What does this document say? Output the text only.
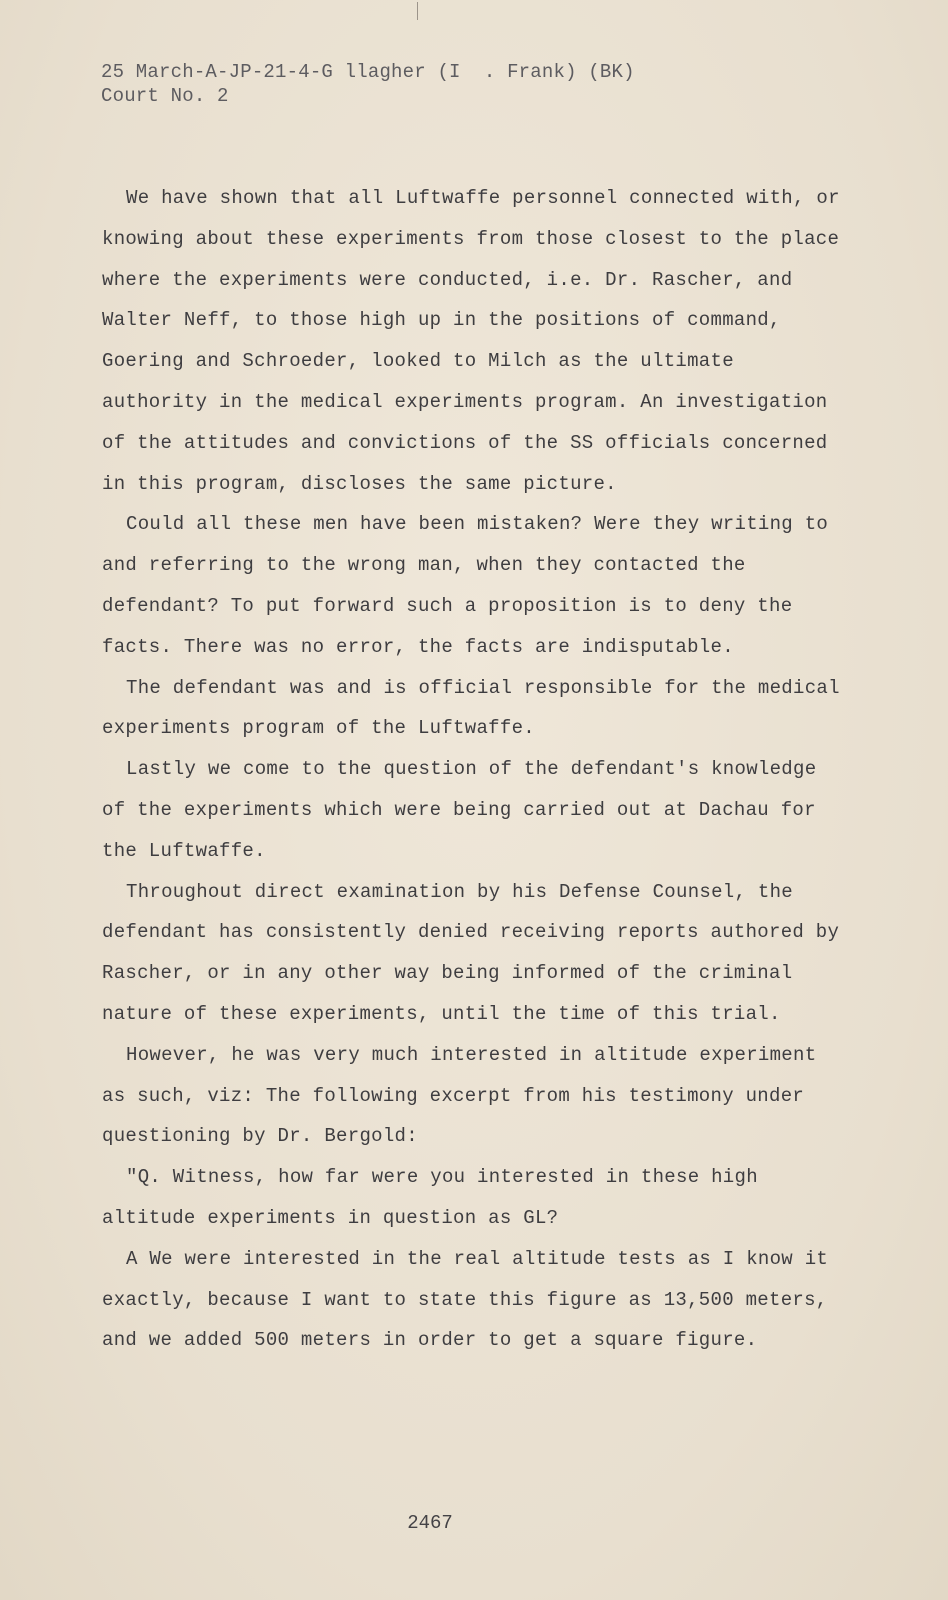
25 March-A-JP-21-4-G llagher (I  . Frank) (BK)
Court No. 2

We have shown that all Luftwaffe personnel connected with, or knowing about these experiments from those closest to the place where the experiments were conducted, i.e. Dr. Rascher, and Walter Neff, to those high up in the positions of command, Goering and Schroeder, looked to Milch as the ultimate authority in the medical experiments program. An investigation of the attitudes and convictions of the SS officials concerned in this program, discloses the same picture.

Could all these men have been mistaken? Were they writing to and referring to the wrong man, when they contacted the defendant? To put forward such a proposition is to deny the facts. There was no error, the facts are indisputable.

The defendant was and is official responsible for the medical experiments program of the Luftwaffe.

Lastly we come to the question of the defendant's knowledge of the experiments which were being carried out at Dachau for the Luftwaffe.

Throughout direct examination by his Defense Counsel, the defendant has consistently denied receiving reports authored by Rascher, or in any other way being informed of the criminal nature of these experiments, until the time of this trial.

However, he was very much interested in altitude experiment as such, viz: The following excerpt from his testimony under questioning by Dr. Bergold:

"Q. Witness, how far were you interested in these high altitude experiments in question as GL?

A We were interested in the real altitude tests as I know it exactly, because I want to state this figure as 13,500 meters, and we added 500 meters in order to get a square figure.

2467
